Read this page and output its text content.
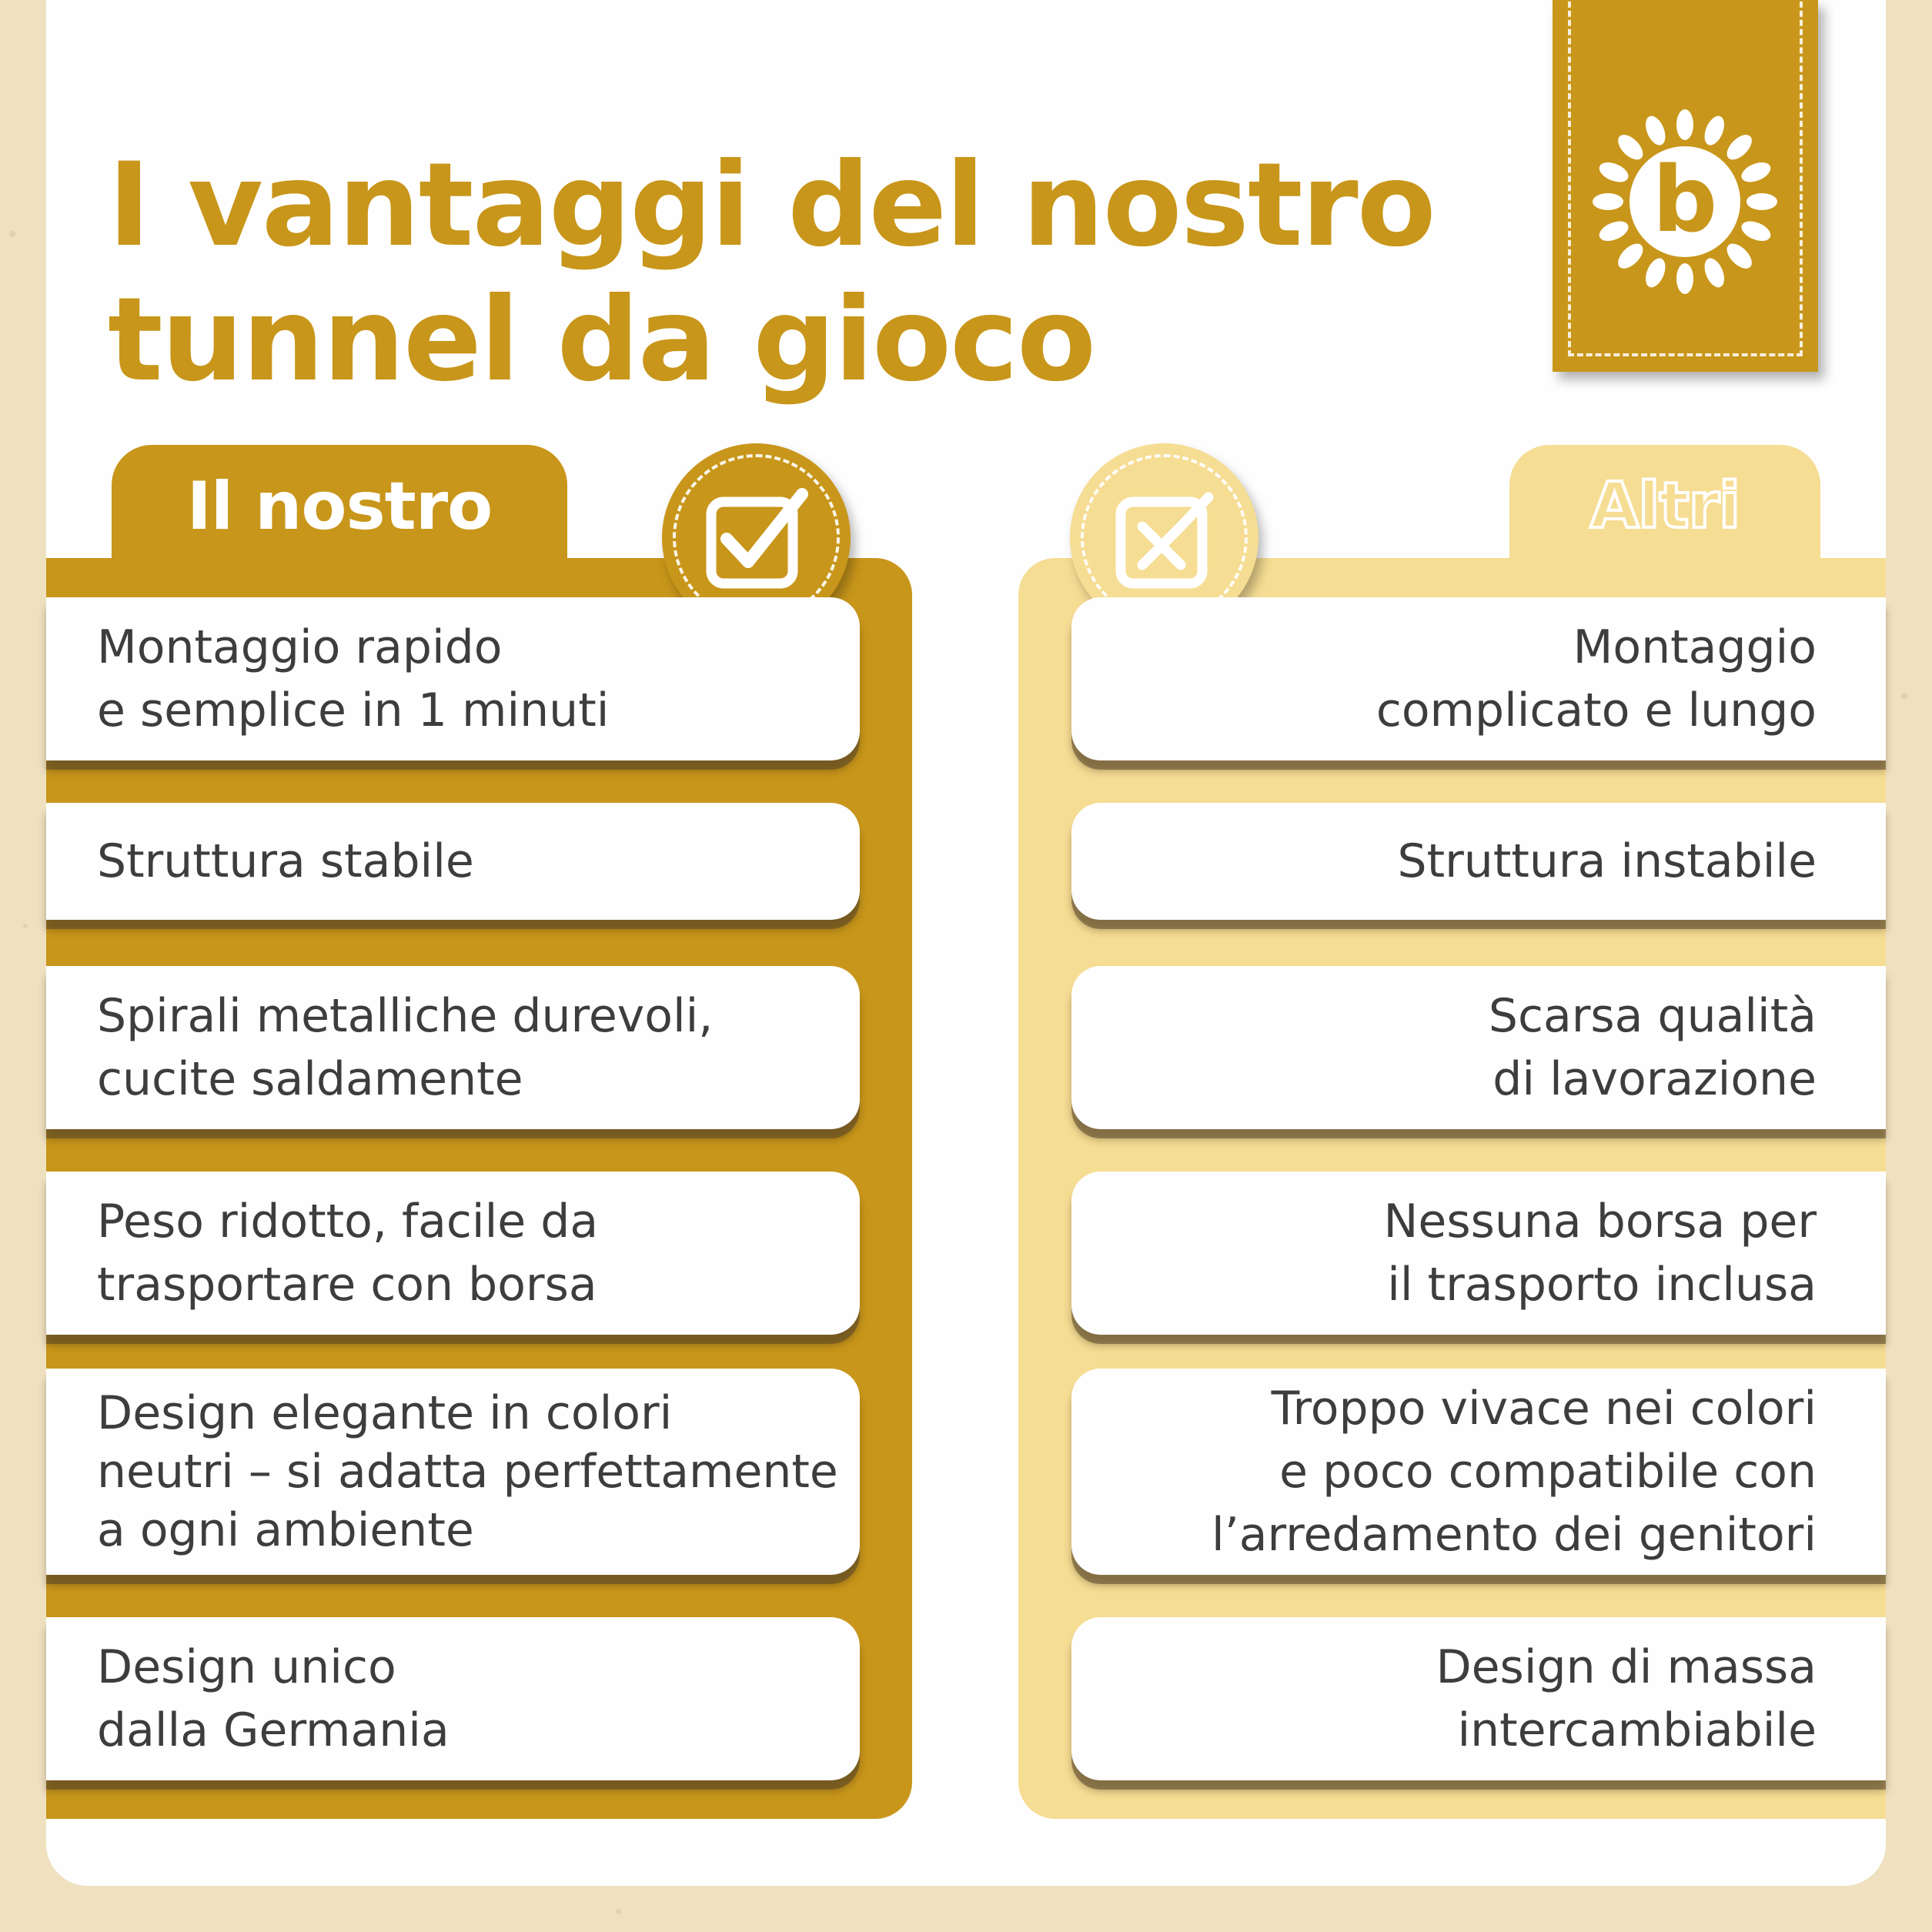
I vantaggi del nostro
tunnel da gioco
b
Il nostro
Montaggio rapido
e semplice in 1 minuti
Struttura stabile
Spirali metalliche durevoli,
cucite saldamente
Peso ridotto, facile da
trasportare con borsa
Design elegante in colori
neutri – si adatta perfettamente
a ogni ambiente
Design unico
dalla Germania
Altri
Montaggio
complicato e lungo
Struttura instabile
Scarsa qualità
di lavorazione
Nessuna borsa per
il trasporto inclusa
Troppo vivace nei colori
e poco compatibile con
l’arredamento dei genitori
Design di massa
intercambiabile
